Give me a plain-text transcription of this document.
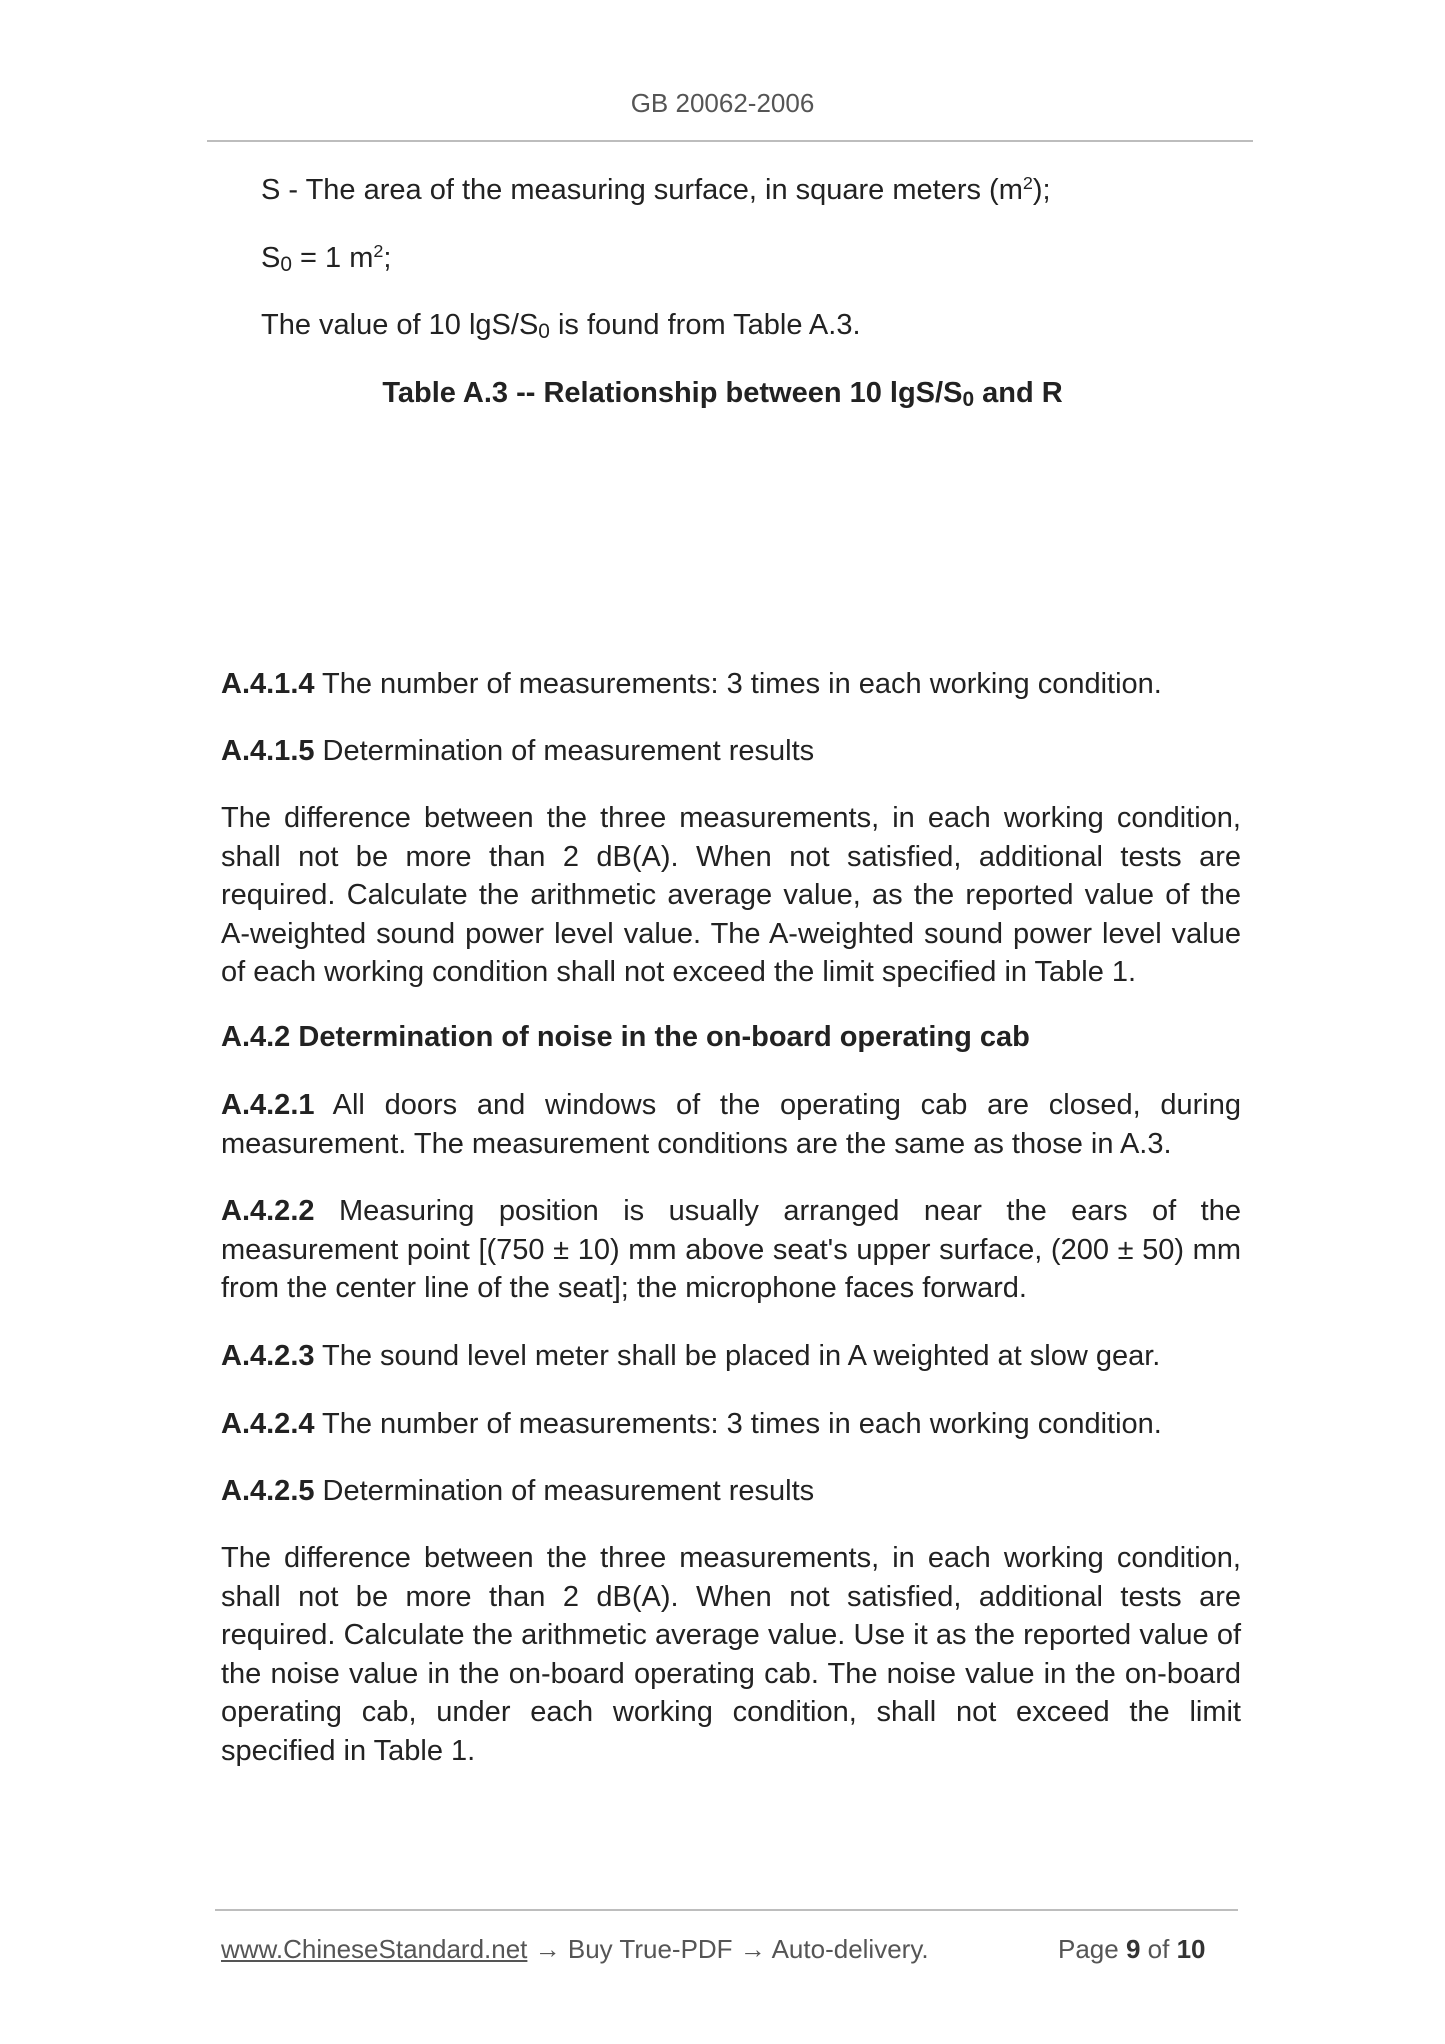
GB 20062-2006

S - The area of the measuring surface, in square meters $(m^2)$;

S0 = 1 $m^2$;

The value of 10 lgS/S0 is found from Table A.3.

Table A.3 -- Relationship between 10 lgS/S0 and R

A.4.1.4 The number of measurements: 3 times in each working condition.

A.4.1.5 Determination of measurement results

The difference between the three measurements, in each working condition, shall not be more than 2 dB(A). When not satisfied, additional tests are required. Calculate the arithmetic average value, as the reported value of the A-weighted sound power level value. The A-weighted sound power level value of each working condition shall not exceed the limit specified in Table 1.

A.4.2 Determination of noise in the on-board operating cab

A.4.2.1 All doors and windows of the operating cab are closed, during measurement. The measurement conditions are the same as those in A.3.

A.4.2.2 Measuring position is usually arranged near the ears of the measurement point [(750 ± 10) mm above seat's upper surface, (200 ± 50) mm from the center line of the seat]; the microphone faces forward.

A.4.2.3 The sound level meter shall be placed in A weighted at slow gear.

A.4.2.4 The number of measurements: 3 times in each working condition.

A.4.2.5 Determination of measurement results

The difference between the three measurements, in each working condition, shall not be more than 2 dB(A). When not satisfied, additional tests are required. Calculate the arithmetic average value. Use it as the reported value of the noise value in the on-board operating cab. The noise value in the on-board operating cab, under each working condition, shall not exceed the limit specified in Table 1.

www.ChineseStandard.net → Buy True-PDF → Auto-delivery.	Page 9 of 10
